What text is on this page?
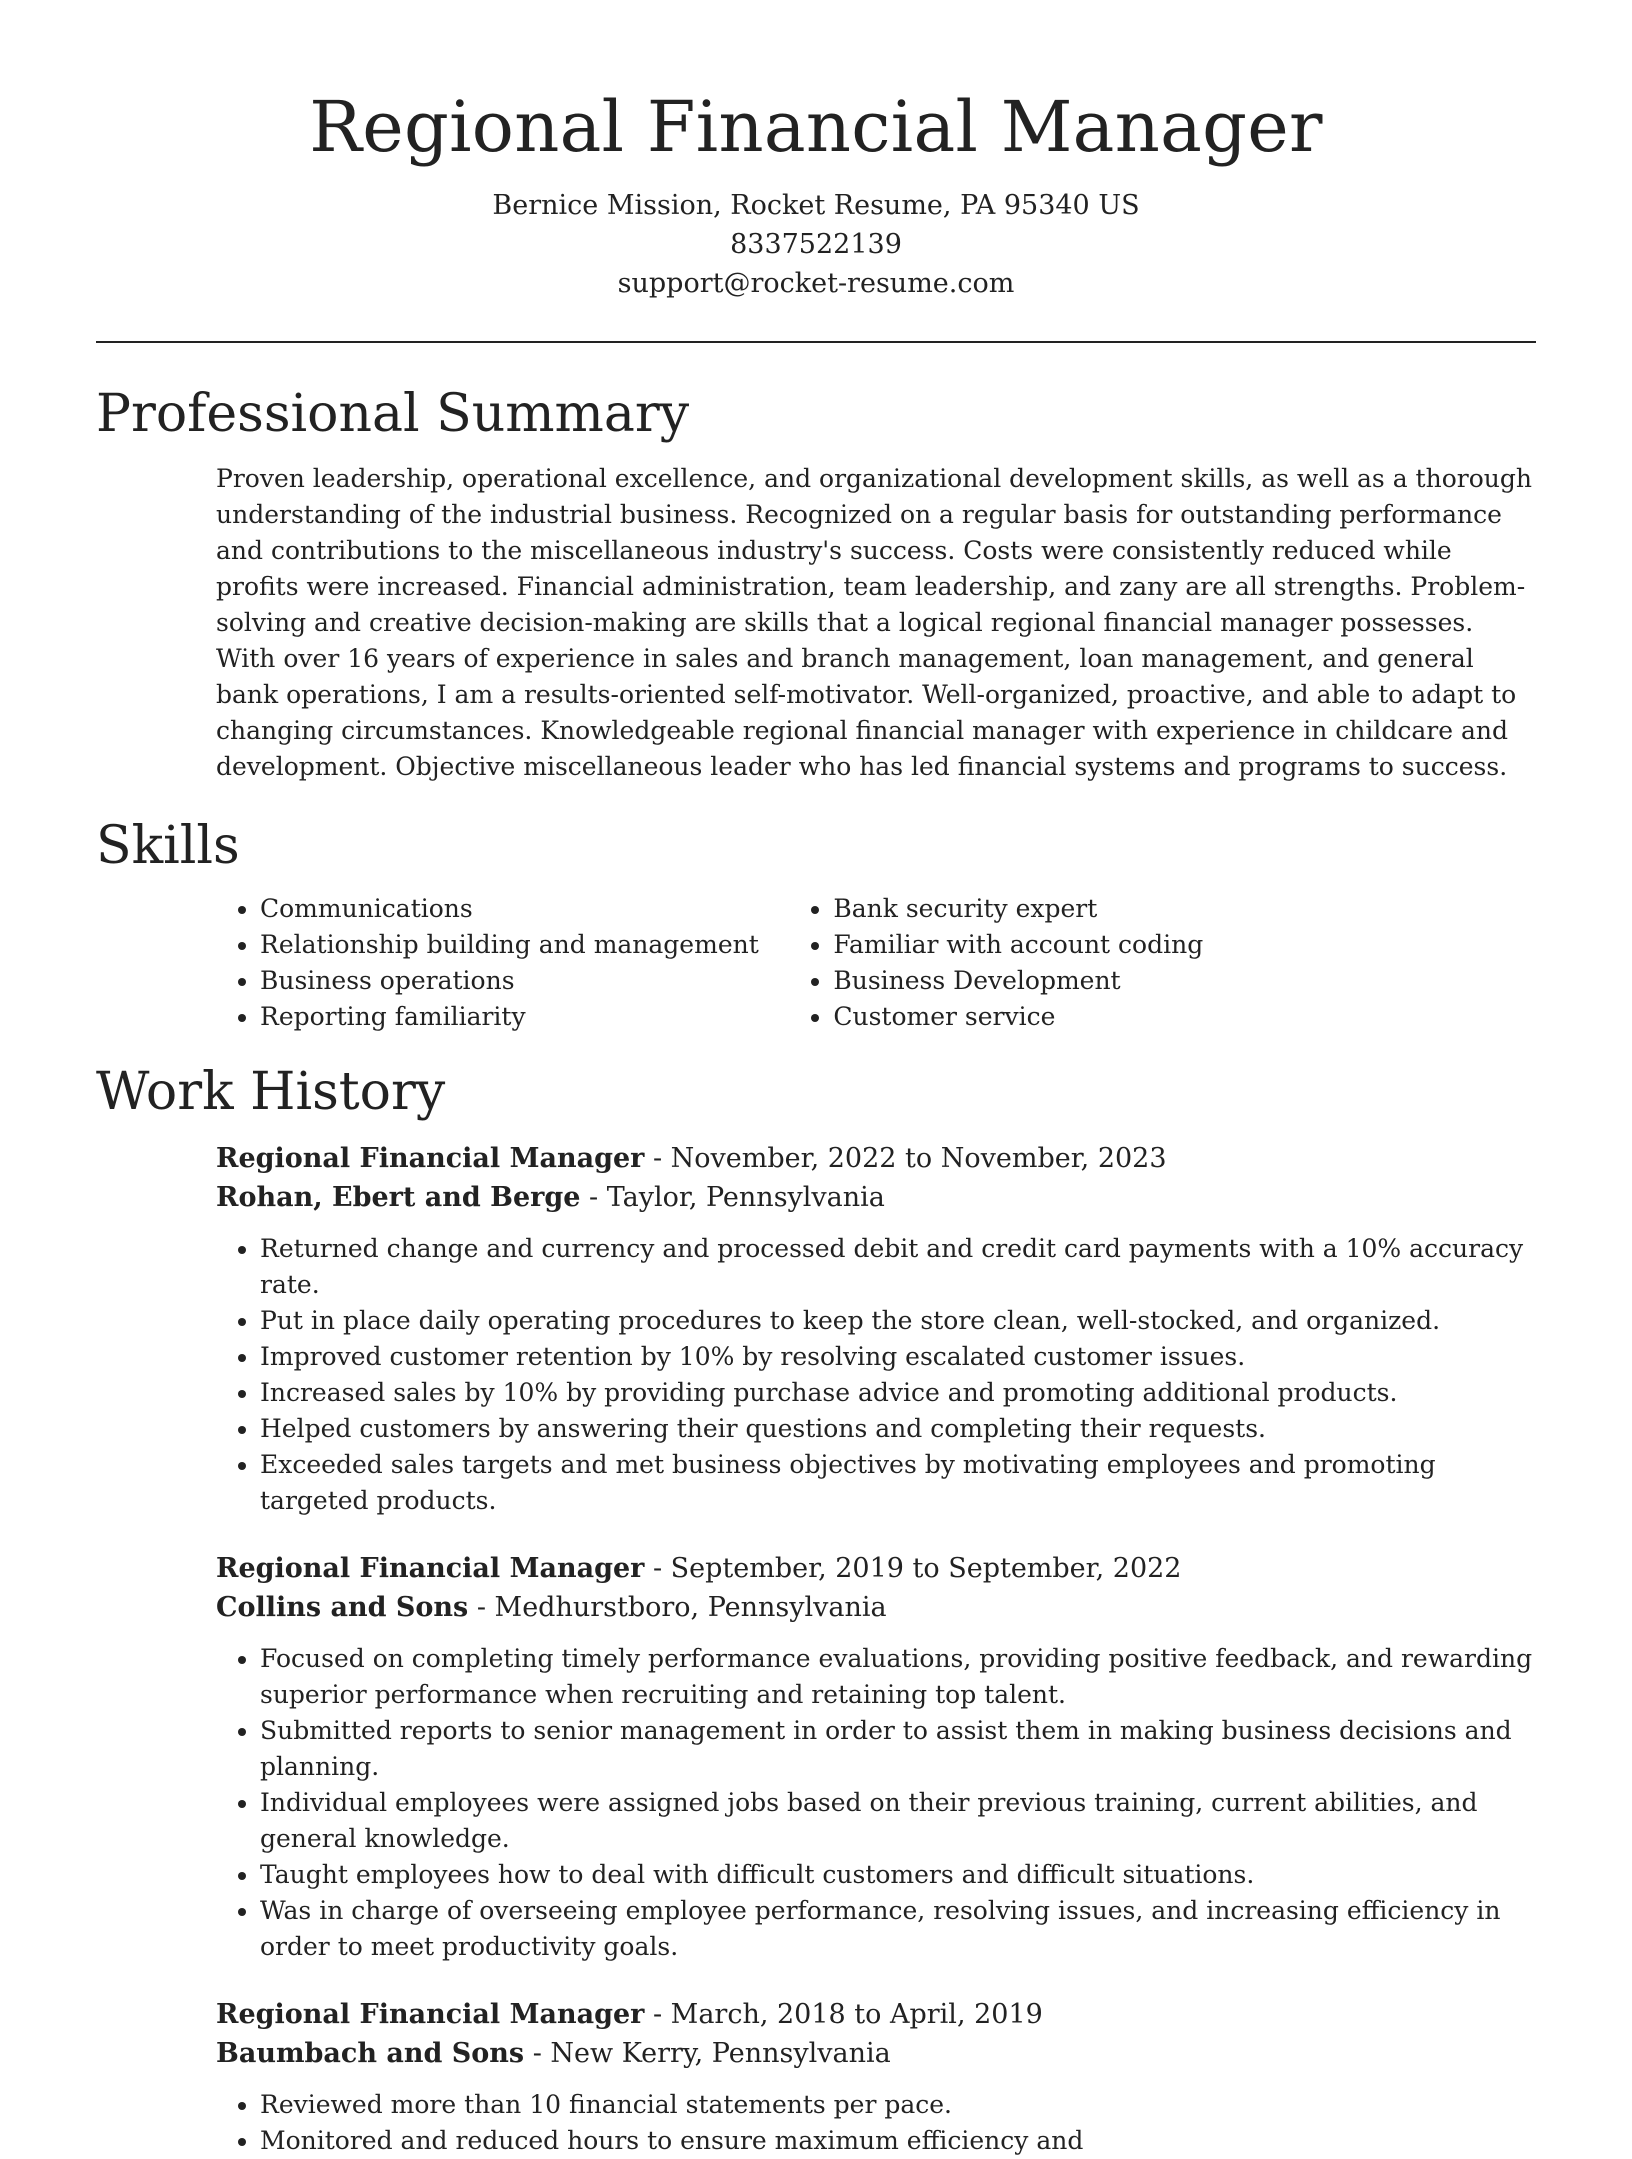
Regional Financial Manager
Bernice Mission, Rocket Resume, PA 95340 US
8337522139
support@rocket-resume.com
Professional Summary

Proven leadership, operational excellence, and organizational development skills, as well as a thorough understanding of the industrial business. Recognized on a regular basis for outstanding performance and contributions to the miscellaneous industry's success. Costs were consistently reduced while profits were increased. Financial administration, team leadership, and zany are all strengths. Problem-solving and creative decision-making are skills that a logical regional financial manager possesses. With over 16 years of experience in sales and branch management, loan management, and general bank operations, I am a results-oriented self-motivator. Well-organized, proactive, and able to adapt to changing circumstances. Knowledgeable regional financial manager with experience in childcare and development. Objective miscellaneous leader who has led financial systems and programs to success.

Skills
• Communications
• Relationship building and management
• Business operations
• Reporting familiarity
• Bank security expert
• Familiar with account coding
• Business Development
• Customer service
Work History
Regional Financial Manager - November, 2022 to November, 2023
Rohan, Ebert and Berge - Taylor, Pennsylvania
• Returned change and currency and processed debit and credit card payments with a 10% accuracy rate.
• Put in place daily operating procedures to keep the store clean, well-stocked, and organized.
• Improved customer retention by 10% by resolving escalated customer issues.
• Increased sales by 10% by providing purchase advice and promoting additional products.
• Helped customers by answering their questions and completing their requests.
• Exceeded sales targets and met business objectives by motivating employees and promoting targeted products.
Regional Financial Manager - September, 2019 to September, 2022
Collins and Sons - Medhurstboro, Pennsylvania
• Focused on completing timely performance evaluations, providing positive feedback, and rewarding superior performance when recruiting and retaining top talent.
• Submitted reports to senior management in order to assist them in making business decisions and planning.
• Individual employees were assigned jobs based on their previous training, current abilities, and general knowledge.
• Taught employees how to deal with difficult customers and difficult situations.
• Was in charge of overseeing employee performance, resolving issues, and increasing efficiency in order to meet productivity goals.
Regional Financial Manager - March, 2018 to April, 2019
Baumbach and Sons - New Kerry, Pennsylvania
• Reviewed more than 10 financial statements per pace.
• Monitored and reduced hours to ensure maximum efficiency and
